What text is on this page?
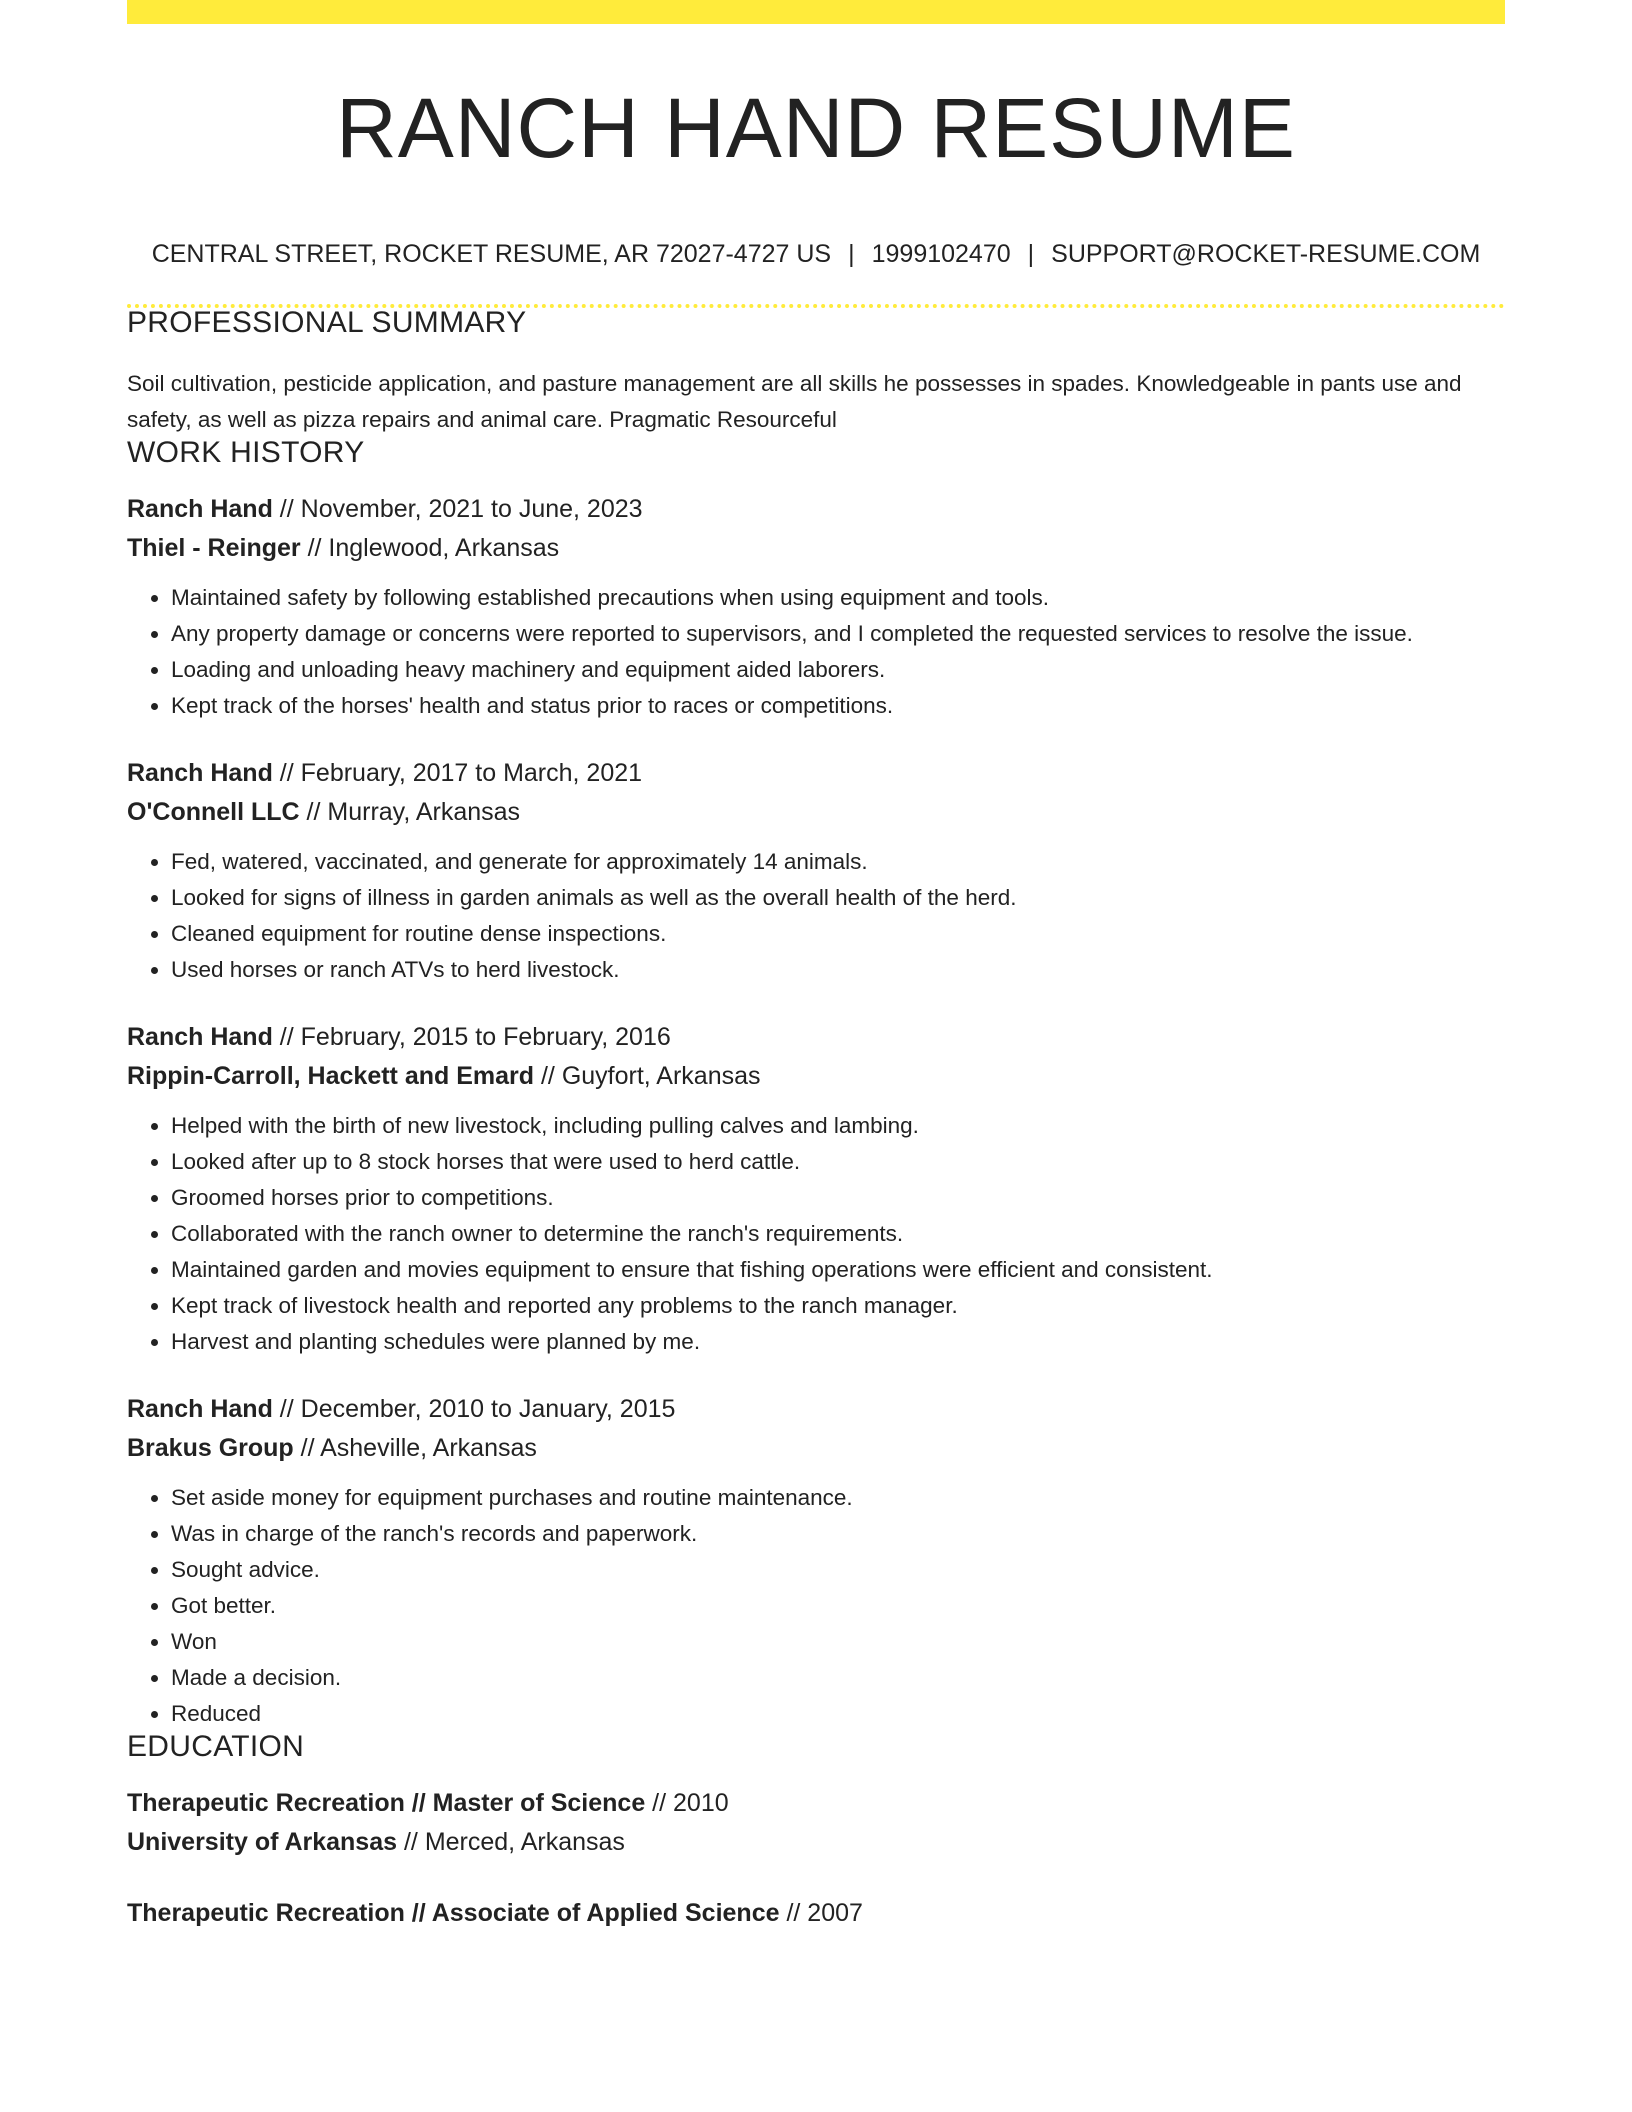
RANCH HAND RESUME
CENTRAL STREET, ROCKET RESUME, AR 72027-4727 US | 1999102470 | SUPPORT@ROCKET-RESUME.COM
PROFESSIONAL SUMMARY
Soil cultivation, pesticide application, and pasture management are all skills he possesses in spades. Knowledgeable in pants use and safety, as well as pizza repairs and animal care. Pragmatic Resourceful
WORK HISTORY
Ranch Hand // November, 2021 to June, 2023
Thiel - Reinger // Inglewood, Arkansas
• Maintained safety by following established precautions when using equipment and tools.
• Any property damage or concerns were reported to supervisors, and I completed the requested services to resolve the issue.
• Loading and unloading heavy machinery and equipment aided laborers.
• Kept track of the horses' health and status prior to races or competitions.
Ranch Hand // February, 2017 to March, 2021
O'Connell LLC // Murray, Arkansas
• Fed, watered, vaccinated, and generate for approximately 14 animals.
• Looked for signs of illness in garden animals as well as the overall health of the herd.
• Cleaned equipment for routine dense inspections.
• Used horses or ranch ATVs to herd livestock.
Ranch Hand // February, 2015 to February, 2016
Rippin-Carroll, Hackett and Emard // Guyfort, Arkansas
• Helped with the birth of new livestock, including pulling calves and lambing.
• Looked after up to 8 stock horses that were used to herd cattle.
• Groomed horses prior to competitions.
• Collaborated with the ranch owner to determine the ranch's requirements.
• Maintained garden and movies equipment to ensure that fishing operations were efficient and consistent.
• Kept track of livestock health and reported any problems to the ranch manager.
• Harvest and planting schedules were planned by me.
Ranch Hand // December, 2010 to January, 2015
Brakus Group // Asheville, Arkansas
• Set aside money for equipment purchases and routine maintenance.
• Was in charge of the ranch's records and paperwork.
• Sought advice.
• Got better.
• Won
• Made a decision.
• Reduced
EDUCATION
Therapeutic Recreation // Master of Science // 2010
University of Arkansas // Merced, Arkansas
Therapeutic Recreation // Associate of Applied Science // 2007
